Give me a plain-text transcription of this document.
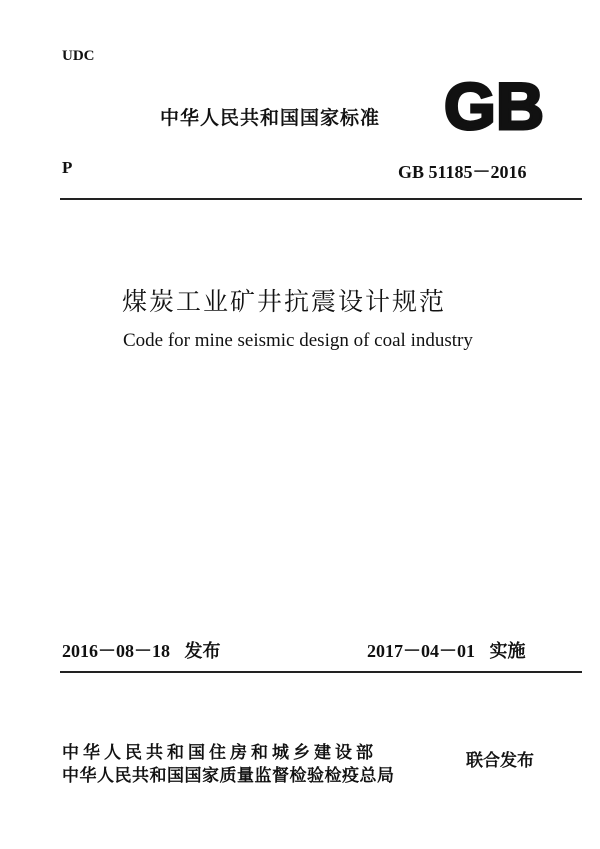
UDC
中华人民共和国国家标准 GB
P	GB 51185－2016
煤炭工业矿井抗震设计规范
Code for mine seismic design of coal industry
2016－08－18 发布	2017－04－01 实施
中华人民共和国住房和城乡建设部
中华人民共和国国家质量监督检验检疫总局
联合发布
